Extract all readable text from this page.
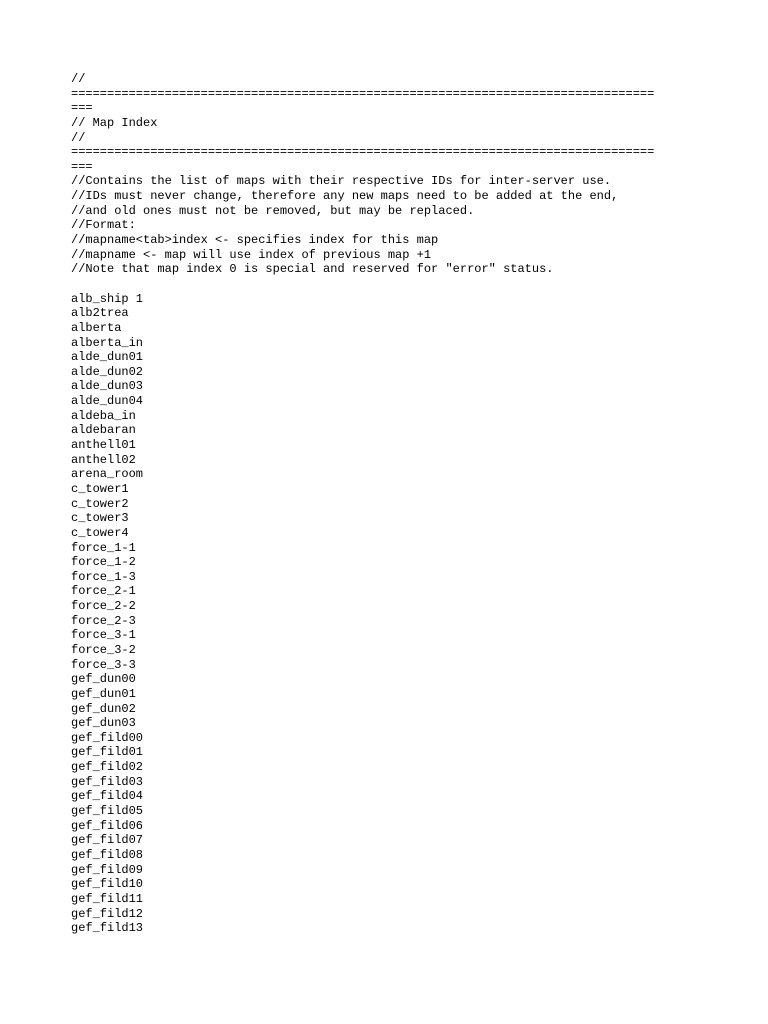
//
=================================================================================
===
// Map Index
//
=================================================================================
===
//Contains the list of maps with their respective IDs for inter-server use.
//IDs must never change, therefore any new maps need to be added at the end,
//and old ones must not be removed, but may be replaced.
//Format:
//mapname<tab>index <- specifies index for this map
//mapname <- map will use index of previous map +1
//Note that map index 0 is special and reserved for "error" status.
alb_ship 1
alb2trea
alberta
alberta_in
alde_dun01
alde_dun02
alde_dun03
alde_dun04
aldeba_in
aldebaran
anthell01
anthell02
arena_room
c_tower1
c_tower2
c_tower3
c_tower4
force_1-1
force_1-2
force_1-3
force_2-1
force_2-2
force_2-3
force_3-1
force_3-2
force_3-3
gef_dun00
gef_dun01
gef_dun02
gef_dun03
gef_fild00
gef_fild01
gef_fild02
gef_fild03
gef_fild04
gef_fild05
gef_fild06
gef_fild07
gef_fild08
gef_fild09
gef_fild10
gef_fild11
gef_fild12
gef_fild13
